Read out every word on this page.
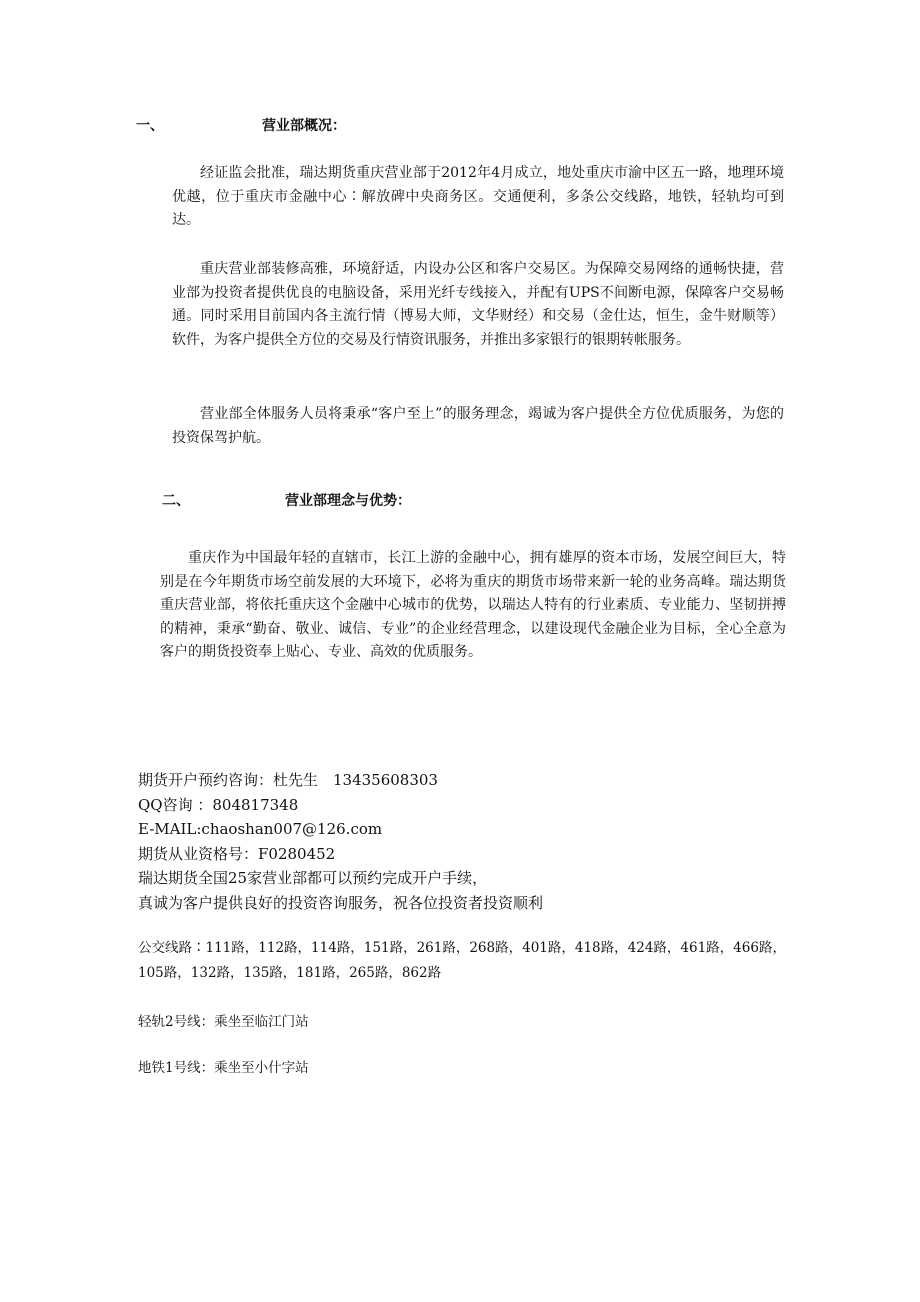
一、	营业部概况：
经证监会批准，瑞达期货重庆营业部于2012年4月成立，地处重庆市渝中区五一路，地理环境优越，位于重庆市金融中心∶解放碑中央商务区。交通便利，多条公交线路，地铁，轻轨均可到达。
重庆营业部装修高雅，环境舒适，内设办公区和客户交易区。为保障交易网络的通畅快捷，营业部为投资者提供优良的电脑设备，采用光纤专线接入，并配有UPS不间断电源，保障客户交易畅通。同时采用目前国内各主流行情（博易大师，文华财经）和交易（金仕达，恒生，金牛财顺等）软件，为客户提供全方位的交易及行情资讯服务，并推出多家银行的银期转帐服务。
营业部全体服务人员将秉承“客户至上”的服务理念，竭诚为客户提供全方位优质服务，为您的投资保驾护航。
二、	营业部理念与优势：
重庆作为中国最年轻的直辖市，长江上游的金融中心，拥有雄厚的资本市场，发展空间巨大，特别是在今年期货市场空前发展的大环境下，必将为重庆的期货市场带来新一轮的业务高峰。瑞达期货重庆营业部，将依托重庆这个金融中心城市的优势，以瑞达人特有的行业素质、专业能力、坚韧拼搏的精神，秉承“勤奋、敬业、诚信、专业”的企业经营理念，以建设现代金融企业为目标，全心全意为客户的期货投资奉上贴心、专业、高效的优质服务。
期货开户预约咨询：杜先生　13435608303
QQ咨询 ：804817348
E-MAIL:chaoshan007@126.com
期货从业资格号：F0280452
瑞达期货全国25家营业部都可以预约完成开户手续，
真诚为客户提供良好的投资咨询服务，祝各位投资者投资顺利
公交线路∶111路，112路，114路，151路，261路，268路，401路，418路，424路，461路，466路，105路，132路，135路，181路，265路，862路
轻轨2号线：乘坐至临江门站
地铁1号线：乘坐至小什字站
